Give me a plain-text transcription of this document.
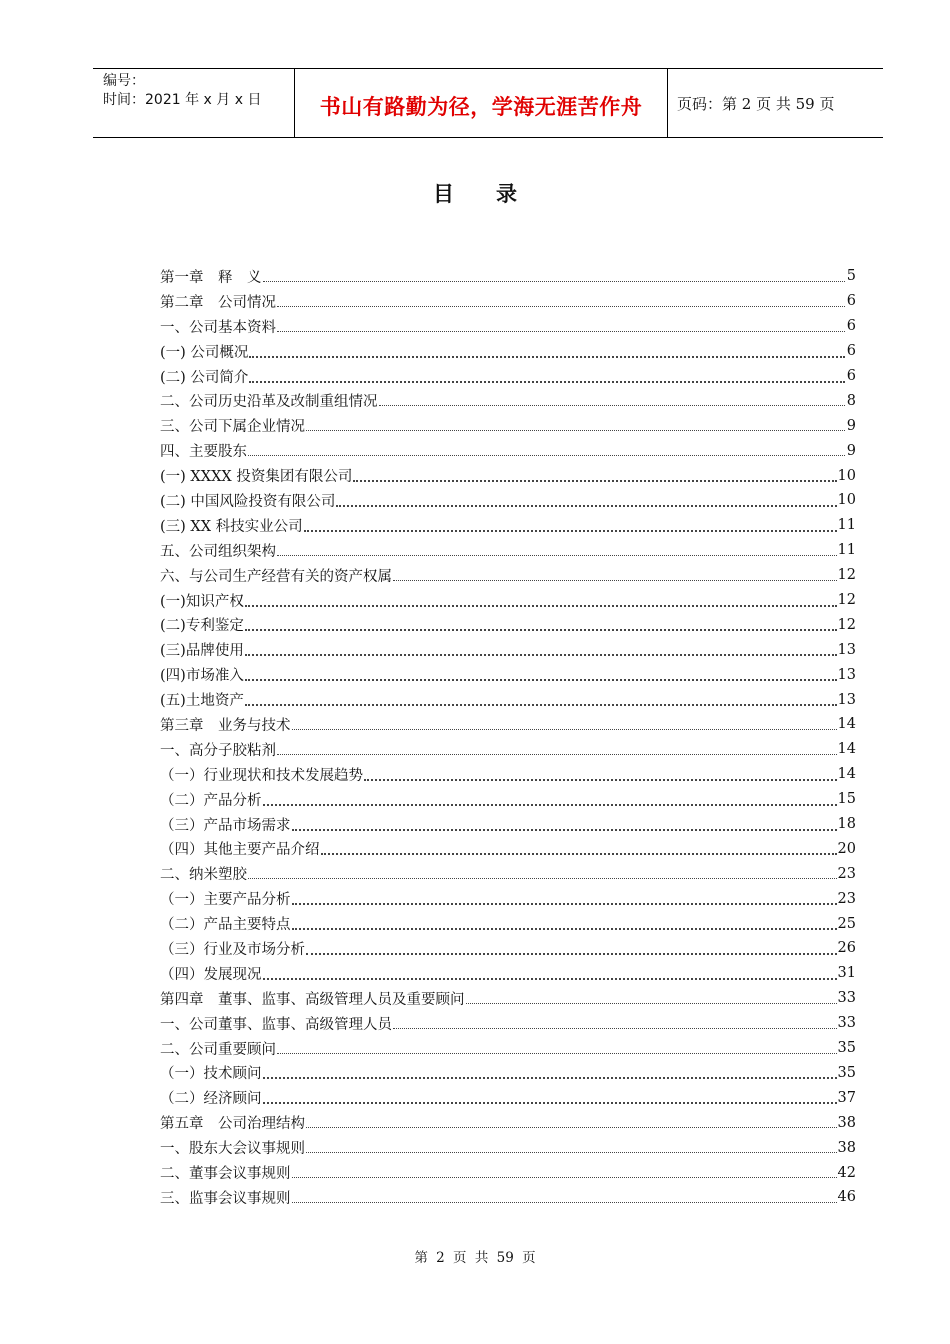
编号：
时间：2021 年 x 月 x 日	书山有路勤为径，学海无涯苦作舟	页码：第 2 页 共 59 页
目录
第一章　释　义	5
第二章　公司情况	6
一、公司基本资料	6
(一) 公司概况	6
(二) 公司简介	6
二、公司历史沿革及改制重组情况	8
三、公司下属企业情况	9
四、主要股东	9
(一) XXXX 投资集团有限公司	10
(二) 中国风险投资有限公司	10
(三) XX 科技实业公司	11
五、公司组织架构	11
六、与公司生产经营有关的资产权属	12
(一)知识产权	12
(二)专利鉴定	12
(三)品牌使用	13
(四)市场准入	13
(五)土地资产	13
第三章　业务与技术	14
一、高分子胶粘剂	14
（一）行业现状和技术发展趋势	14
（二）产品分析	15
（三）产品市场需求	18
（四）其他主要产品介绍	20
二、纳米塑胶	23
（一）主要产品分析	23
（二）产品主要特点	25
（三）行业及市场分析	26
（四）发展现况	31
第四章　董事、监事、高级管理人员及重要顾问	33
一、公司董事、监事、高级管理人员	33
二、公司重要顾问	35
（一）技术顾问	35
（二）经济顾问	37
第五章　公司治理结构	38
一、股东大会议事规则	38
二、董事会议事规则	42
三、监事会议事规则	46
第 2 页 共 59 页
